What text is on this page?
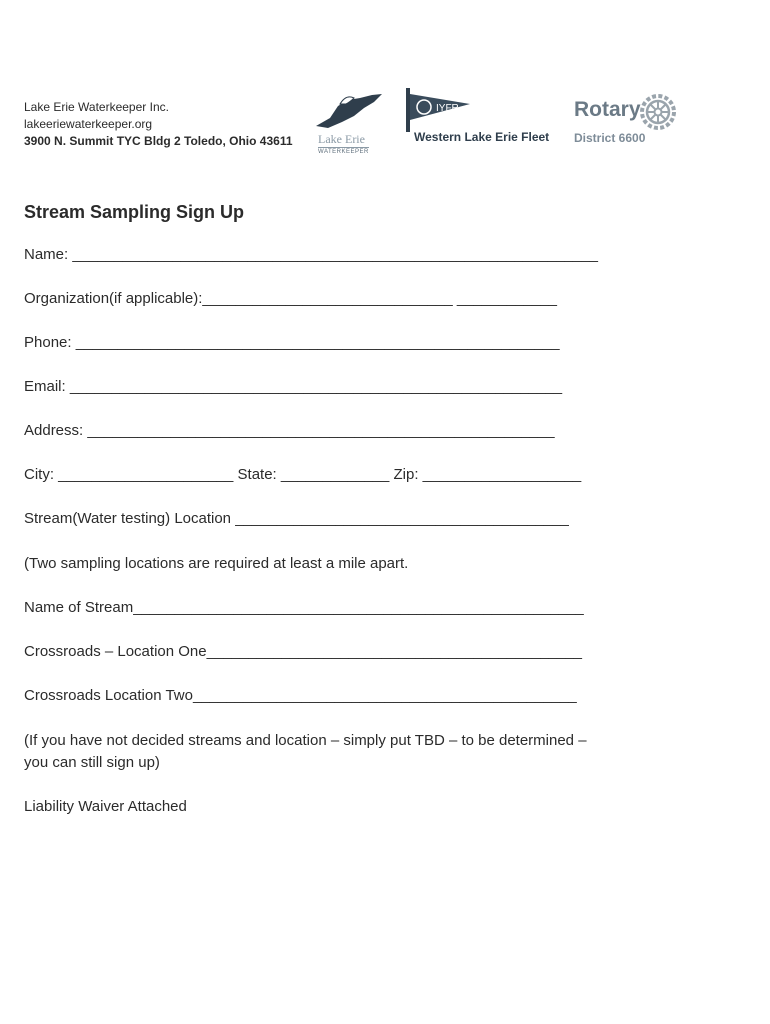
Lake Erie Waterkeeper Inc.
lakeeriewaterkeeper.org
3900 N. Summit TYC Bldg 2 Toledo, Ohio 43611 Lake Erie
WATERKEEPER
IYFR
Western Lake Erie Fleet
Rotary
District 6600
Stream Sampling Sign Up
Name: _______________________________________________________________
Organization(if applicable):______________________________ ____________
Phone: __________________________________________________________
Email: ___________________________________________________________
Address: ________________________________________________________
City: _____________________ State: _____________ Zip: ___________________
Stream(Water testing) Location ________________________________________
(Two sampling locations are required at least a mile apart.
Name of Stream______________________________________________________
Crossroads – Location One_____________________________________________
Crossroads Location Two______________________________________________
(If you have not decided streams and location – simply put TBD – to be determined –
you can still sign up)
Liability Waiver Attached
